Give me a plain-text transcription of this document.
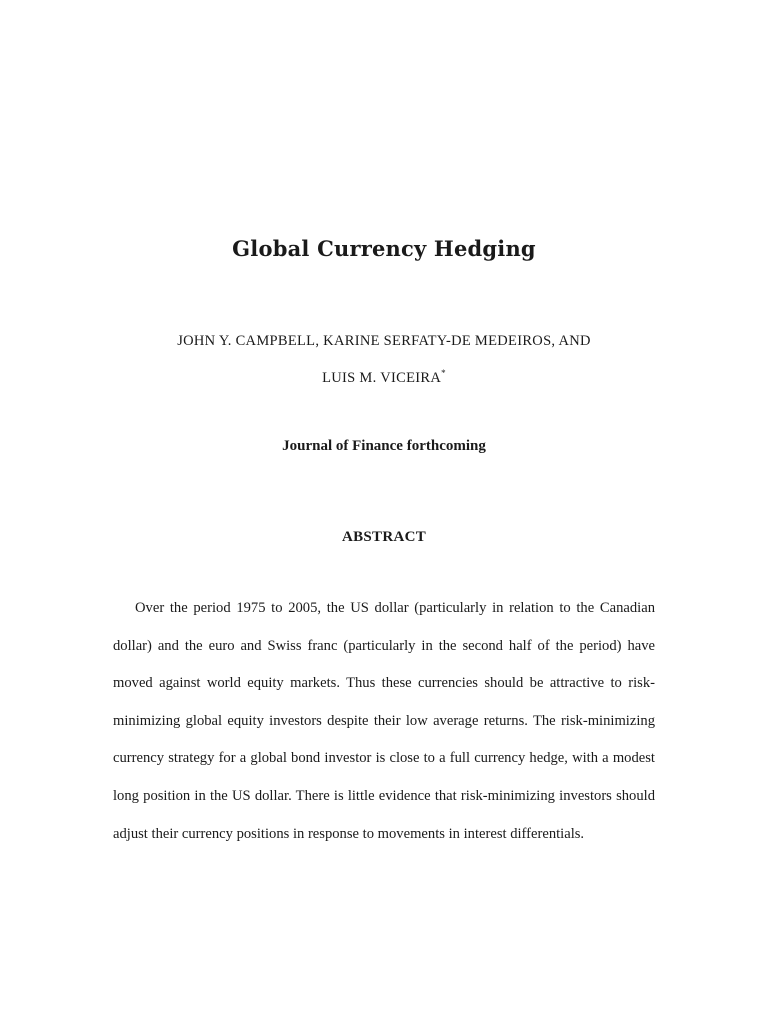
Global Currency Hedging
JOHN Y. CAMPBELL, KARINE SERFATY-DE MEDEIROS, AND
LUIS M. VICEIRA*
Journal of Finance forthcoming
ABSTRACT

Over the period 1975 to 2005, the US dollar (particularly in relation to the Canadian dollar) and the euro and Swiss franc (particularly in the second half of the period) have moved against world equity markets. Thus these currencies should be attractive to risk-minimizing global equity investors despite their low average returns. The risk-minimizing currency strategy for a global bond investor is close to a full currency hedge, with a modest long position in the US dollar. There is little evidence that risk-minimizing investors should adjust their currency positions in response to movements in interest differentials.
